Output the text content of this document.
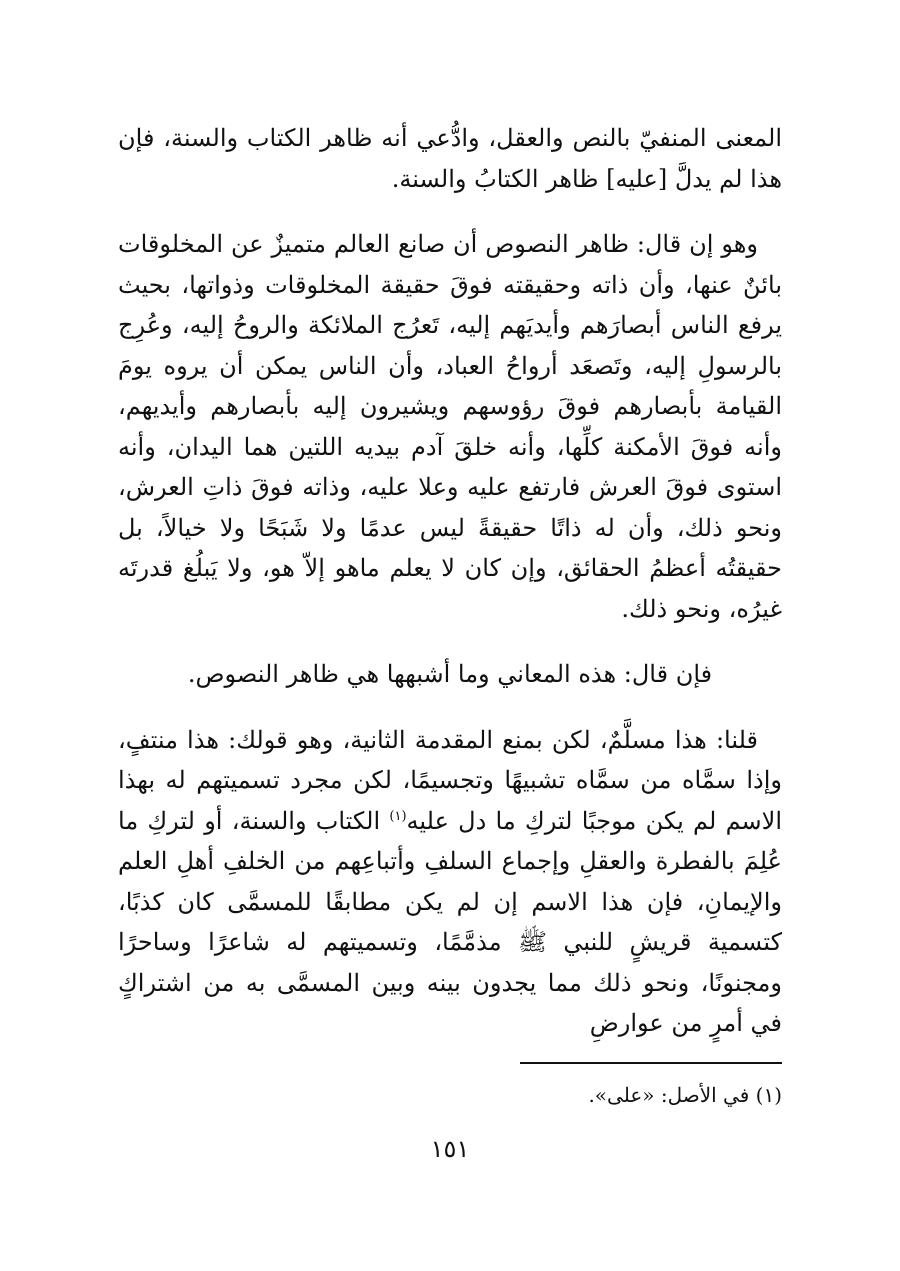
المعنى المنفيّ بالنص والعقل، وادُّعي أنه ظاهر الكتاب والسنة، فإن هذا لم يدلَّ [عليه] ظاهر الكتابُ والسنة.

وهو إن قال: ظاهر النصوص أن صانع العالم متميزٌ عن المخلوقات بائنٌ عنها، وأن ذاته وحقيقته فوقَ حقيقة المخلوقات وذواتها، بحيث يرفع الناس أبصارَهم وأيديَهم إليه، تَعرُج الملائكة والروحُ إليه، وعُرِج بالرسولِ إليه، وتَصعَد أرواحُ العباد، وأن الناس يمكن أن يروه يومَ القيامة بأبصارهم فوقَ رؤوسهم ويشيرون إليه بأبصارهم وأيديهم، وأنه فوقَ الأمكنة كلِّها، وأنه خلقَ آدم بيديه اللتين هما اليدان، وأنه استوى فوقَ العرش فارتفع عليه وعلا عليه، وذاته فوقَ ذاتِ العرش، ونحو ذلك، وأن له ذاتًا حقيقةً ليس عدمًا ولا شَبَحًا ولا خيالاً، بل حقيقتُه أعظمُ الحقائق، وإن كان لا يعلم ماهو إلاّ هو، ولا يَبلُغ قدرتَه غيرُه، ونحو ذلك.

فإن قال: هذه المعاني وما أشبهها هي ظاهر النصوص.

قلنا: هذا مسلَّمٌ، لكن بمنع المقدمة الثانية، وهو قولك: هذا منتفٍ، وإذا سمَّاه من سمَّاه تشبيهًا وتجسيمًا، لكن مجرد تسميتهم له بهذا الاسم لم يكن موجبًا لتركِ ما دل عليه$^{(١)}$ الكتاب والسنة، أو لتركِ ما عُلِمَ بالفطرة والعقلِ وإجماع السلفِ وأتباعِهم من الخلفِ أهلِ العلم والإيمانِ، فإن هذا الاسم إن لم يكن مطابقًا للمسمَّى كان كذبًا، كتسمية قريشٍ للنبي ﷺ مذمَّمًا، وتسميتهم له شاعرًا وساحرًا ومجنونًا، ونحو ذلك مما يجدون بينه وبين المسمَّى به من اشتراكٍ في أمرٍ من عوارضِ

(١) في الأصل: «على».
١٥١
